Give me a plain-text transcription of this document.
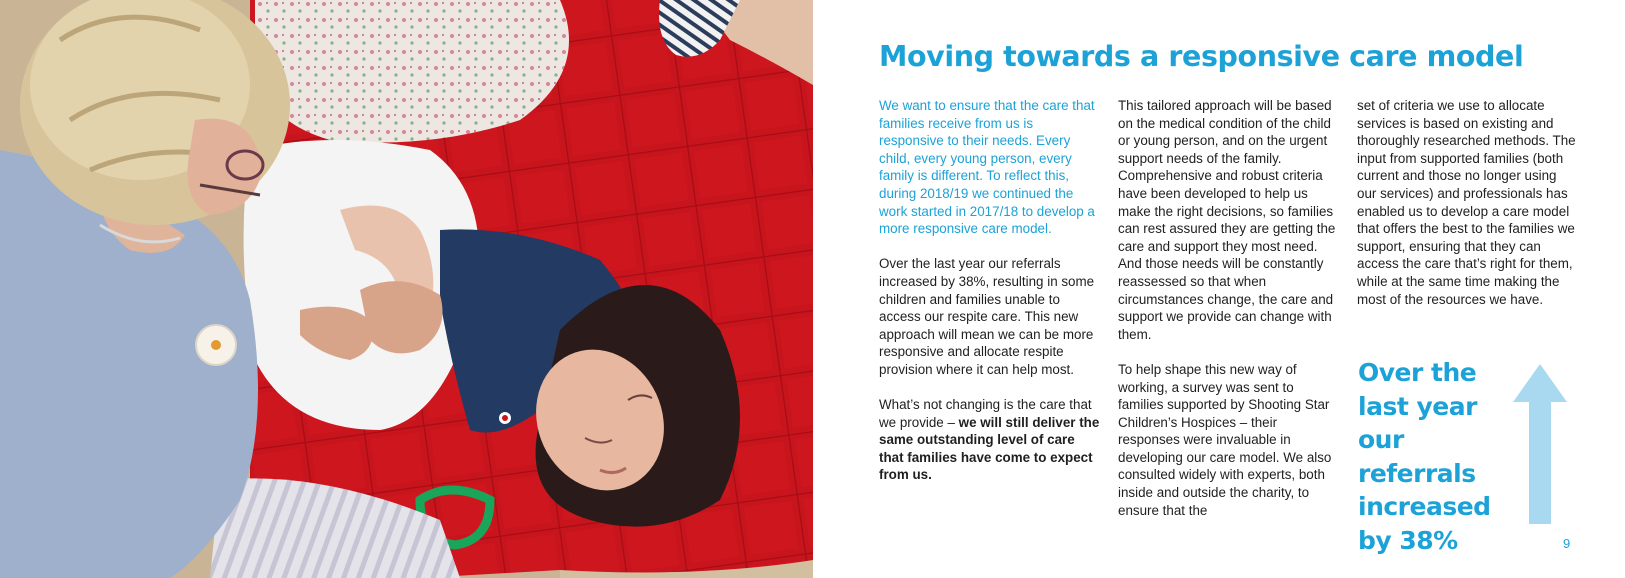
Moving towards a responsive care model

We want to ensure that the care that families receive from us is responsive to their needs. Every child, every young person, every family is different. To reflect this, during 2018/19 we continued the work started in 2017/18 to develop a more responsive care model.

Over the last year our referrals increased by 38%, resulting in some children and families unable to access our respite care. This new approach will mean we can be more responsive and allocate respite provision where it can help most.

What’s not changing is the care that we provide – we will still deliver the same outstanding level of care that families have come to expect from us.

This tailored approach will be based on the medical condition of the child or young person, and on the urgent support needs of the family. Comprehensive and robust criteria have been developed to help us make the right decisions, so families can rest assured they are getting the care and support they most need. And those needs will be constantly reassessed so that when circumstances change, the care and support we provide can change with them.

To help shape this new way of working, a survey was sent to families supported by Shooting Star Children’s Hospices – their responses were invaluable in developing our care model. We also consulted widely with experts, both inside and outside the charity, to ensure that the

set of criteria we use to allocate services is based on existing and thoroughly researched methods. The input from supported families (both current and those no longer using our services) and professionals has enabled us to develop a care model that offers the best to the families we support, ensuring that they can access the care that’s right for them, while at the same time making the most of the resources we have.

Over the last year our referrals increased by 38%	9
